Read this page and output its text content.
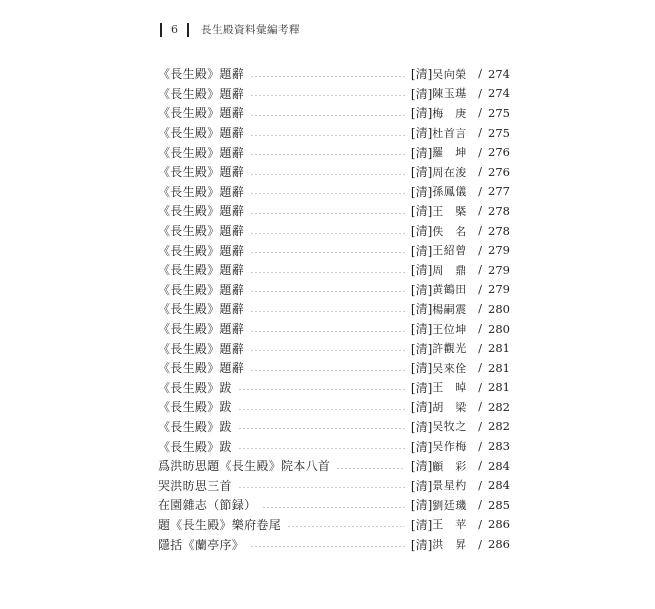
6 長生殿資料彙編考釋
《長生殿》題辭	[清] 吴向榮	/ 274
《長生殿》題辭	[清] 陳玉璂	/ 274
《長生殿》題辭	[清] 梅　庚	/ 275
《長生殿》題辭	[清] 杜首言	/ 275
《長生殿》題辭	[清] 羅　坤	/ 276
《長生殿》題辭	[清] 周在浚	/ 276
《長生殿》題辭	[清] 孫鳳儀	/ 277
《長生殿》題辭	[清] 王　槩	/ 278
《長生殿》題辭	[清] 佚　名	/ 278
《長生殿》題辭	[清] 王紹曾	/ 279
《長生殿》題辭	[清] 周　鼎	/ 279
《長生殿》題辭	[清] 黄鶴田	/ 279
《長生殿》題辭	[清] 楊嗣震	/ 280
《長生殿》題辭	[清] 王位坤	/ 280
《長生殿》題辭	[清] 許觀光	/ 281
《長生殿》題辭	[清] 吴來佺	/ 281
《長生殿》跋	[清] 王　晫	/ 281
《長生殿》跋	[清] 胡　梁	/ 282
《長生殿》跋	[清] 吴牧之	/ 282
《長生殿》跋	[清] 吴作梅	/ 283
爲洪昉思題《長生殿》院本八首	[清] 顧　彩	/ 284
哭洪昉思三首	[清] 景星杓	/ 284
在園雜志（節録）	[清] 劉廷璣	/ 285
題《長生殿》樂府卷尾	[清] 王　苹	/ 286
隱括《蘭亭序》	[清] 洪　昇	/ 286
